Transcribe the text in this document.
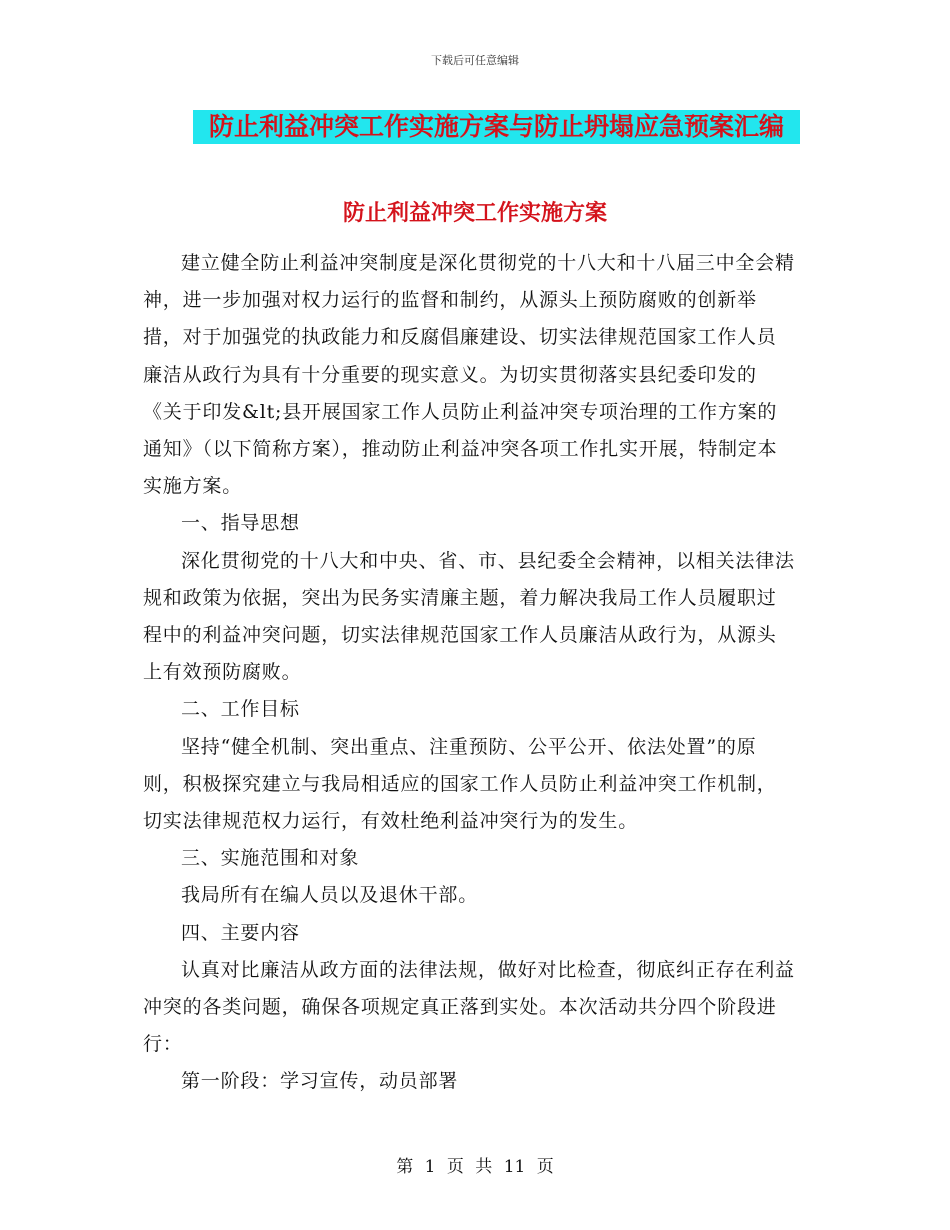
下载后可任意编辑
防止利益冲突工作实施方案与防止坍塌应急预案汇编
防止利益冲突工作实施方案

建立健全防止利益冲突制度是深化贯彻党的十八大和十八届三中全会精神，进一步加强对权力运行的监督和制约，从源头上预防腐败的创新举措，对于加强党的执政能力和反腐倡廉建设、切实法律规范国家工作人员廉洁从政行为具有十分重要的现实意义。为切实贯彻落实县纪委印发的《关于印发&lt;县开展国家工作人员防止利益冲突专项治理的工作方案的通知》（以下简称方案），推动防止利益冲突各项工作扎实开展，特制定本实施方案。

一、指导思想

深化贯彻党的十八大和中央、省、市、县纪委全会精神，以相关法律法规和政策为依据，突出为民务实清廉主题，着力解决我局工作人员履职过程中的利益冲突问题，切实法律规范国家工作人员廉洁从政行为，从源头上有效预防腐败。

二、工作目标

坚持“健全机制、突出重点、注重预防、公平公开、依法处置”的原则，积极探究建立与我局相适应的国家工作人员防止利益冲突工作机制，切实法律规范权力运行，有效杜绝利益冲突行为的发生。

三、实施范围和对象

我局所有在编人员以及退休干部。

四、主要内容

认真对比廉洁从政方面的法律法规，做好对比检查，彻底纠正存在利益冲突的各类问题，确保各项规定真正落到实处。本次活动共分四个阶段进行：

第一阶段：学习宣传，动员部署

第 1 页 共 11 页
